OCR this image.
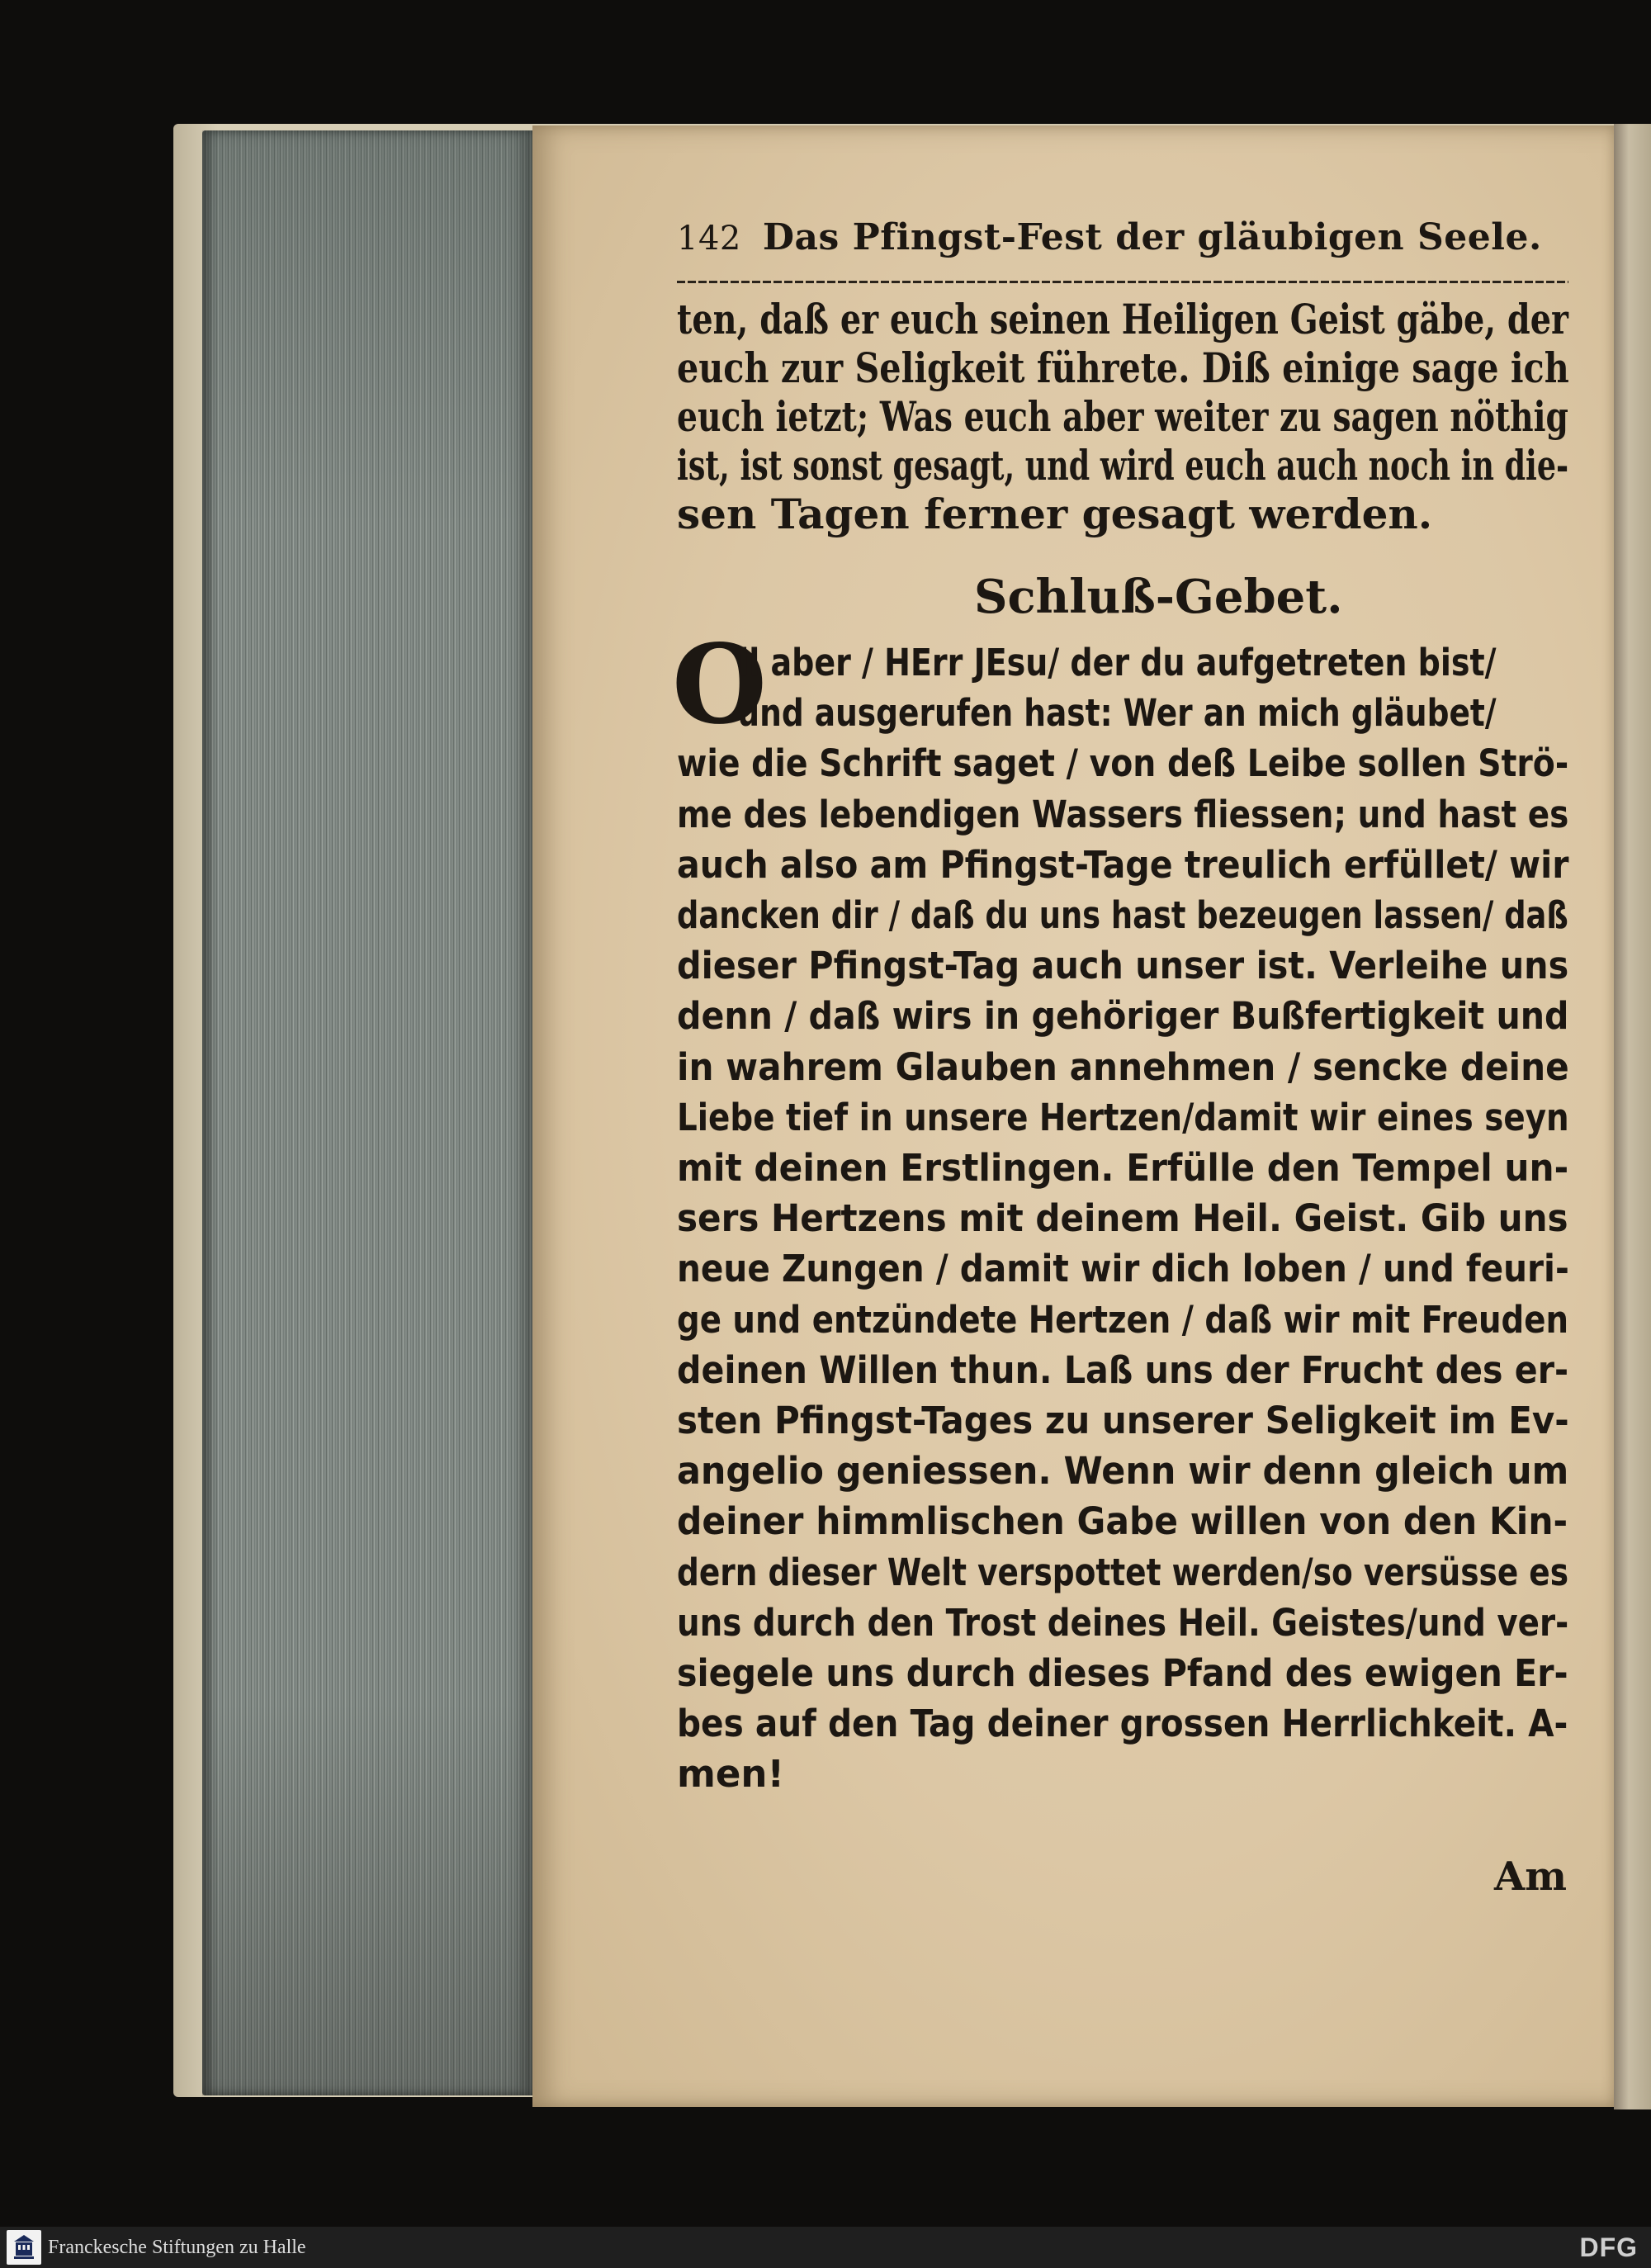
142 Das Pfingst-Fest der gläubigen Seele.
ten, daß er euch seinen Heiligen Geist gäbe, der
euch zur Seligkeit führete. Diß einige sage ich
euch ietzt; Was euch aber weiter zu sagen nöthig
ist, ist sonst gesagt, und wird euch auch noch in die-
sen Tagen ferner gesagt werden.
Schluß-Gebet.
O
ll aber / HErr JEsu/ der du aufgetreten bist/
und ausgerufen hast: Wer an mich gläubet/
wie die Schrift saget / von deß Leibe sollen Strö-
me des lebendigen Wassers fliessen; und hast es
auch also am Pfingst-Tage treulich erfüllet/ wir
dancken dir / daß du uns hast bezeugen lassen/ daß
dieser Pfingst-Tag auch unser ist. Verleihe uns
denn / daß wirs in gehöriger Bußfertigkeit und
in wahrem Glauben annehmen / sencke deine
Liebe tief in unsere Hertzen/damit wir eines seyn
mit deinen Erstlingen. Erfülle den Tempel un-
sers Hertzens mit deinem Heil. Geist. Gib uns
neue Zungen / damit wir dich loben / und feuri-
ge und entzündete Hertzen / daß wir mit Freuden
deinen Willen thun. Laß uns der Frucht des er-
sten Pfingst-Tages zu unserer Seligkeit im Ev-
angelio geniessen. Wenn wir denn gleich um
deiner himmlischen Gabe willen von den Kin-
dern dieser Welt verspottet werden/so versüsse es
uns durch den Trost deines Heil. Geistes/und ver-
siegele uns durch dieses Pfand des ewigen Er-
bes auf den Tag deiner grossen Herrlichkeit. A-
men!
Am
Franckesche Stiftungen zu Halle	DFG
